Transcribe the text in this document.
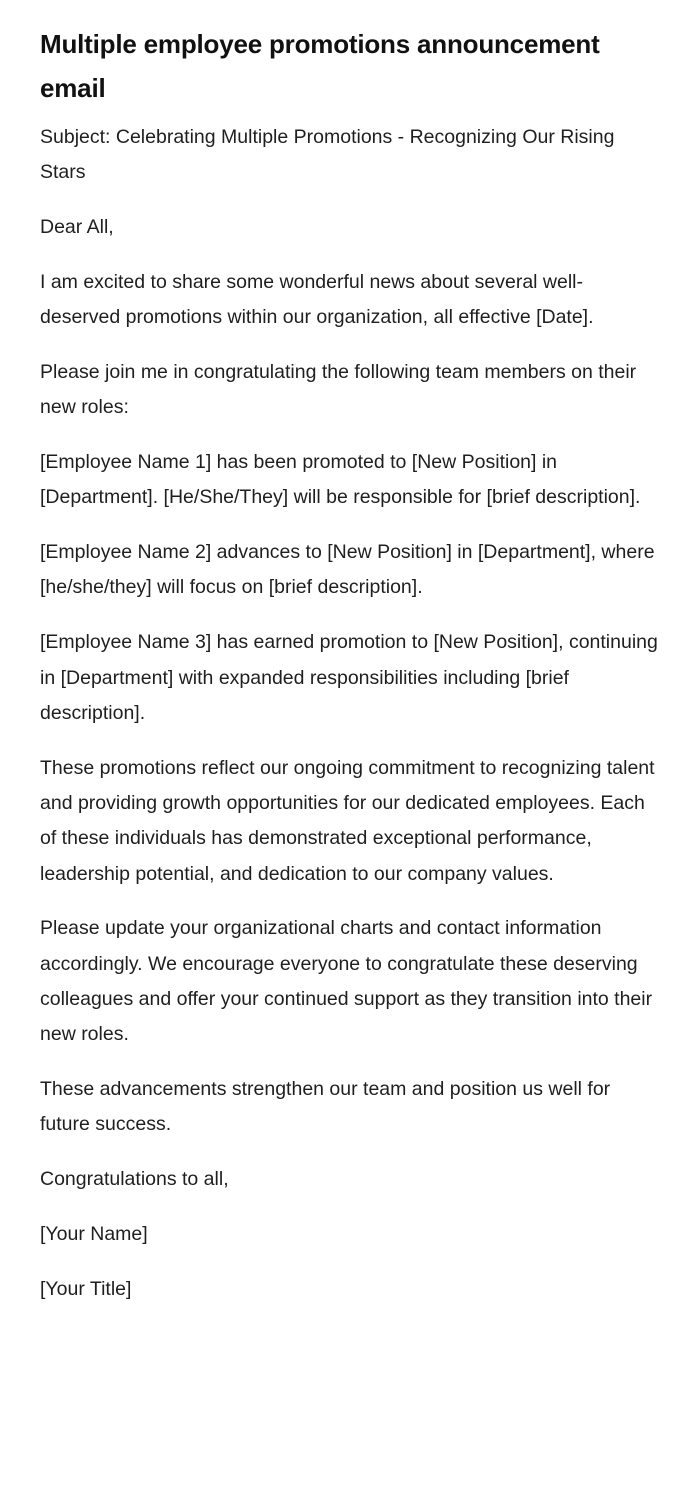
Multiple employee promotions announcement email

Subject: Celebrating Multiple Promotions - Recognizing Our Rising Stars

Dear All,

I am excited to share some wonderful news about several well-deserved promotions within our organization, all effective [Date].

Please join me in congratulating the following team members on their new roles:

[Employee Name 1] has been promoted to [New Position] in [Department]. [He/She/They] will be responsible for [brief description].

[Employee Name 2] advances to [New Position] in [Department], where [he/she/they] will focus on [brief description].

[Employee Name 3] has earned promotion to [New Position], continuing in [Department] with expanded responsibilities including [brief description].

These promotions reflect our ongoing commitment to recognizing talent and providing growth opportunities for our dedicated employees. Each of these individuals has demonstrated exceptional performance, leadership potential, and dedication to our company values.

Please update your organizational charts and contact information accordingly. We encourage everyone to congratulate these deserving colleagues and offer your continued support as they transition into their new roles.

These advancements strengthen our team and position us well for future success.

Congratulations to all,

[Your Name]

[Your Title]
